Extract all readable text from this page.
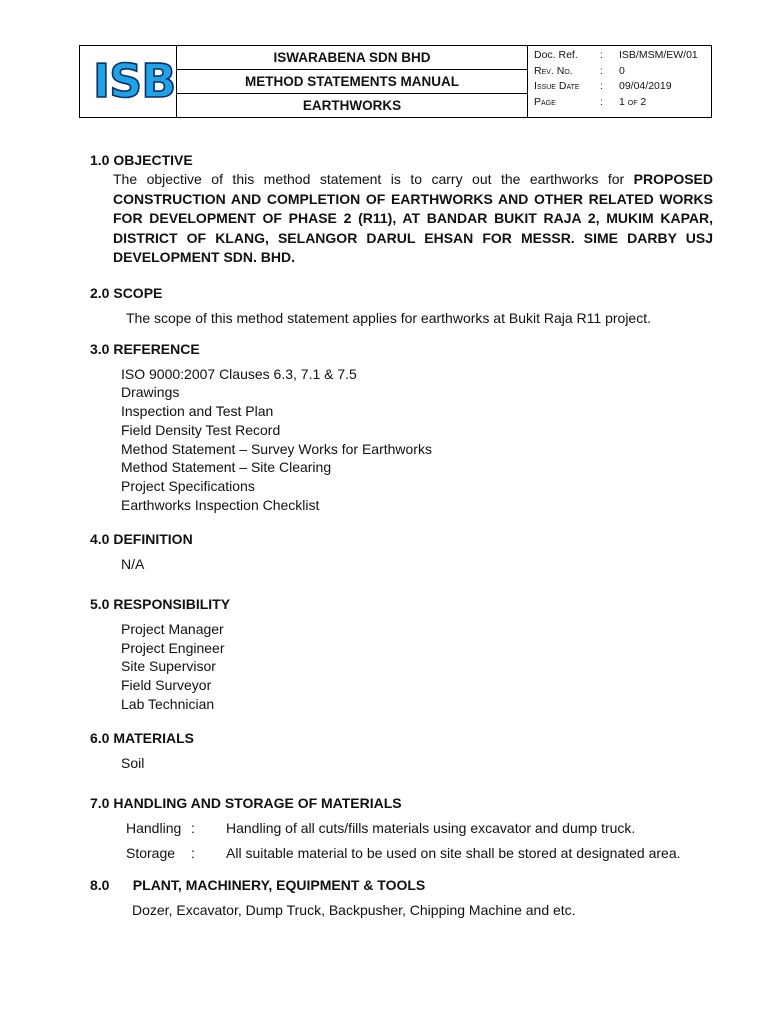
ISB	ISWARABENA SDN BHD
METHOD STATEMENTS MANUAL
EARTHWORKS
Doc. Ref. : ISB/MSM/EW/01
Rev. No.	: 0
Issue Date : 09/04/2019
Page	: 1 of 2
1.0 OBJECTIVE
The objective of this method statement is to carry out the earthworks for PROPOSED CONSTRUCTION AND COMPLETION OF EARTHWORKS AND OTHER RELATED WORKS FOR DEVELOPMENT OF PHASE 2 (R11), AT BANDAR BUKIT RAJA 2, MUKIM KAPAR, DISTRICT OF KLANG, SELANGOR DARUL EHSAN FOR MESSR. SIME DARBY USJ DEVELOPMENT SDN. BHD.
2.0 SCOPE
The scope of this method statement applies for earthworks at Bukit Raja R11 project.
3.0 REFERENCE
ISO 9000:2007 Clauses 6.3, 7.1 & 7.5
Drawings
Inspection and Test Plan
Field Density Test Record
Method Statement – Survey Works for Earthworks
Method Statement – Site Clearing
Project Specifications
Earthworks Inspection Checklist
4.0 DEFINITION
N/A
5.0 RESPONSIBILITY
Project Manager
Project Engineer
Site Supervisor
Field Surveyor
Lab Technician
6.0 MATERIALS
Soil
7.0 HANDLING AND STORAGE OF MATERIALS
Handling : Handling of all cuts/fills materials using excavator and dump truck.
Storage : All suitable material to be used on site shall be stored at designated area.
8.0      PLANT, MACHINERY, EQUIPMENT & TOOLS
Dozer, Excavator, Dump Truck, Backpusher, Chipping Machine and etc.
